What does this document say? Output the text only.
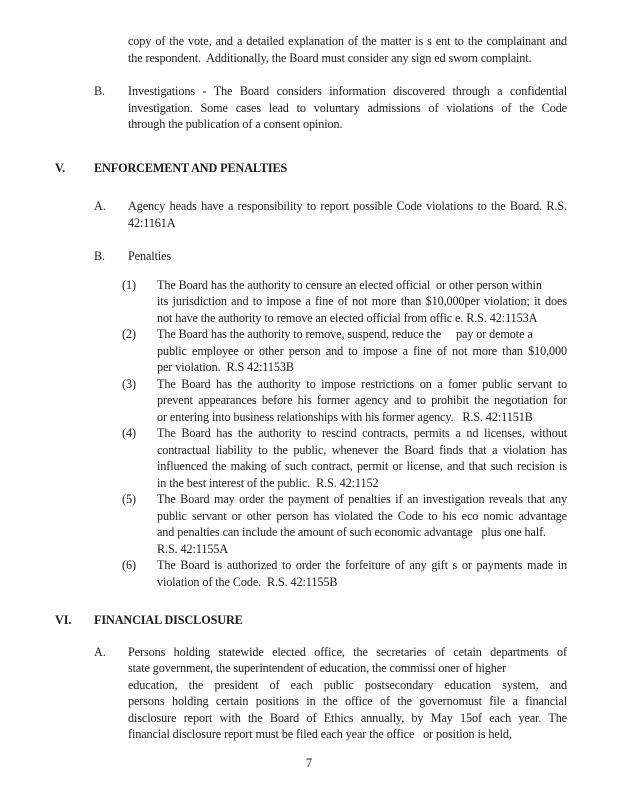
copy of the vote, and a detailed explanation of the matter is s ent to the complainant and
the respondent.  Additionally, the Board must consider any sign ed sworn complaint.
B.	Investigations - The Board considers information discovered through a confidential
investigation. Some cases lead to voluntary admissions of violations of the Code
through the publication of a consent opinion.
V.	ENFORCEMENT AND PENALTIES
A.	Agency heads have a responsibility to report possible Code violations to the Board. R.S.
42:1161A
B.	Penalties
(1)	The Board has the authority to censure an elected official  or other person within
its jurisdiction and to impose a fine of not more than $10,000per violation; it does
not have the authority to remove an elected official from offic e. R.S. 42:1153A
(2)	The Board has the authority to remove, suspend, reduce the     pay or demote a
public employee or other person and to impose a fine of not more than $10,000
per violation.  R.S 42:1153B
(3)	The Board has the authority to impose restrictions on a fomer public servant to
prevent appearances before his former agency and to prohibit the negotiation for
or entering into business relationships with his former agency.   R.S. 42:1151B
(4)	The Board has the authority to rescind contracts, permits a nd licenses, without
contractual liability to the public, whenever the Board finds that a violation has
influenced the making of such contract, permit or license, and that such recision is
in the best interest of the public.  R.S. 42:1152
(5)	The Board may order the payment of penalties if an investigation reveals that any
public servant or other person has violated the Code to his eco nomic advantage
and penalties can include the amount of such economic advantage   plus one half.
R.S. 42:1155A
(6)	The Board is authorized to order the forfeiture of any gift s or payments made in
violation of the Code.  R.S. 42:1155B
VI.	FINANCIAL DISCLOSURE
A.	Persons holding statewide elected office, the secretaries of cetain departments of
state government, the superintendent of education, the commissi oner of higher
education, the president of each public postsecondary education system, and
persons holding certain positions in the office of the governomust file a financial
disclosure report with the Board of Ethics annually, by May 15of each year. The
financial disclosure report must be filed each year the office   or position is held,
7
